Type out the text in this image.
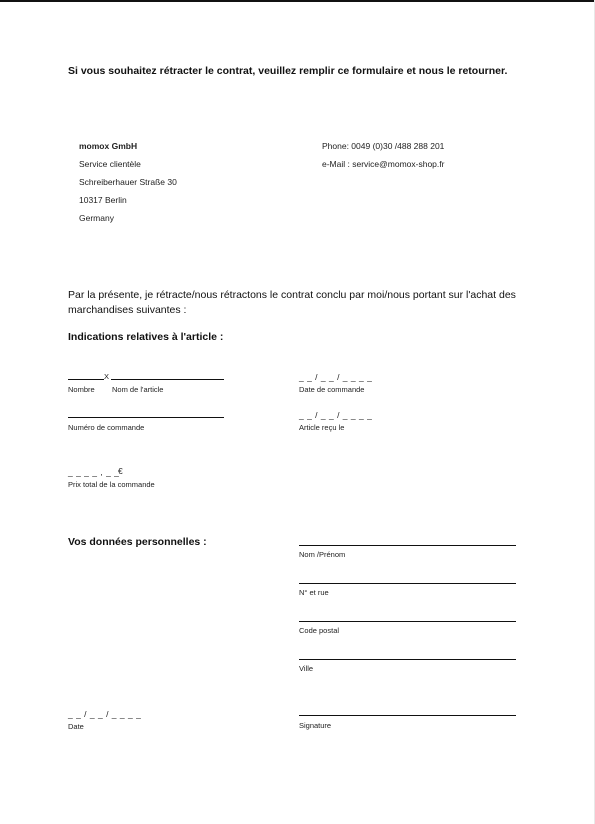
Si vous souhaitez rétracter le contrat, veuillez remplir ce formulaire et nous le retourner.
momox GmbH
Service clientèle
Schreiberhauer Straße 30
10317 Berlin
Germany
Phone: 0049 (0)30 /488 288 201
e-Mail : service@momox-shop.fr
Par la présente, je rétracte/nous rétractons le contrat conclu par moi/nous portant sur l'achat des marchandises suivantes :
Indications relatives à l'article :
X
Nombre Nom de l'article
_ _ / _ _ / _ _ _ _
Date de commande
Numéro de commande
_ _ / _ _ / _ _ _ _
Article reçu le
_ _ _ _ , _ _
€
Prix total de la commande
Vos données personnelles :
Nom /Prénom
N° et rue
Code postal
Ville
_ _ / _ _ / _ _ _ _
Date	Signature
